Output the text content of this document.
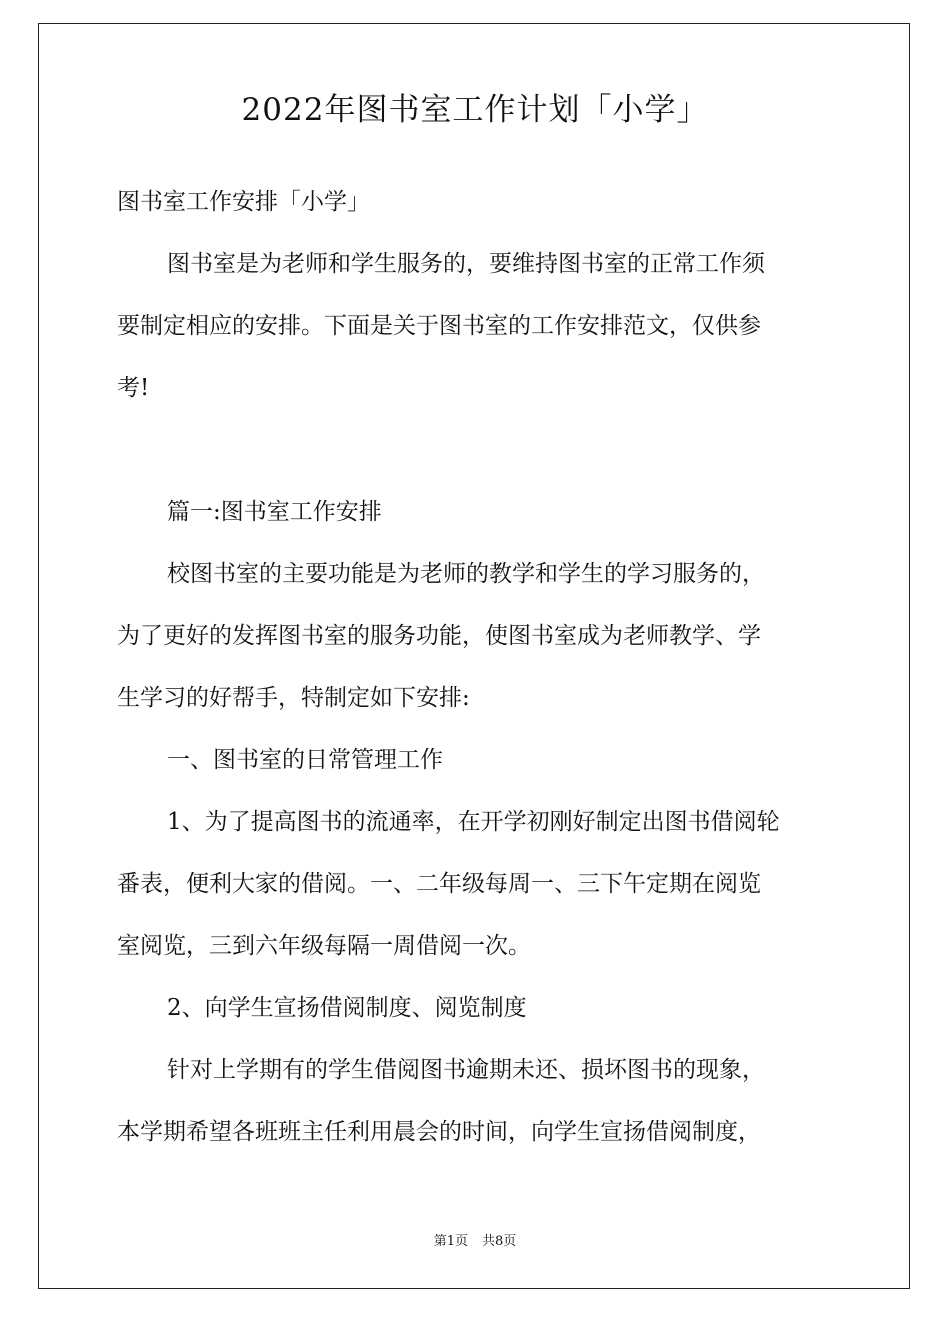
2022年图书室工作计划「小学」

图书室工作安排「小学」

图书室是为老师和学生服务的，要维持图书室的正常工作须

要制定相应的安排。下面是关于图书室的工作安排范文，仅供参

考!

篇一:图书室工作安排

校图书室的主要功能是为老师的教学和学生的学习服务的，

为了更好的发挥图书室的服务功能，使图书室成为老师教学、学

生学习的好帮手，特制定如下安排:

一、图书室的日常管理工作

1、为了提高图书的流通率，在开学初刚好制定出图书借阅轮

番表，便利大家的借阅。一、二年级每周一、三下午定期在阅览

室阅览，三到六年级每隔一周借阅一次。

2、向学生宣扬借阅制度、阅览制度

针对上学期有的学生借阅图书逾期未还、损坏图书的现象，

本学期希望各班班主任利用晨会的时间，向学生宣扬借阅制度，

第1页 共8页
